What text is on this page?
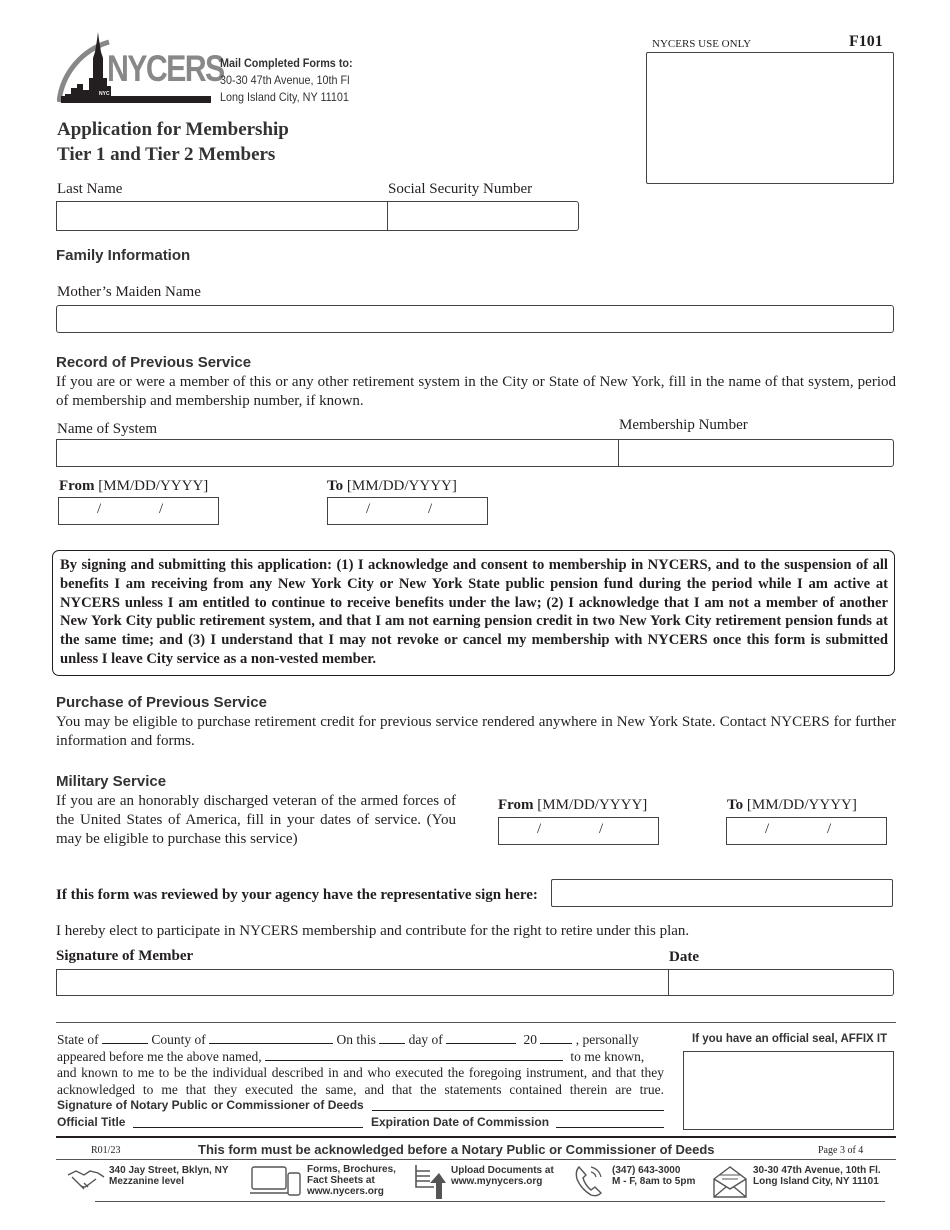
NYCERS
NYC Employees' Retirement System
Mail Completed Forms to:
30-30 47th Avenue, 10th Fl
Long Island City, NY 11101
NYCERS USE ONLY	F101
Application for Membership
Tier 1 and Tier 2 Members
Last Name	Social Security Number
Family Information
Mother’s Maiden Name
Record of Previous Service
If you are or were a member of this or any other retirement system in the City or State of New York, fill in the name of that system, period of membership and membership number, if known.
Name of System	Membership Number
From [MM/DD/YYYY]	To [MM/DD/YYYY]
/	/	/	/
By signing and submitting this application: (1) I acknowledge and consent to membership in NYCERS, and to the suspension of all benefits I am receiving from any New York City or New York State public pension fund during the period while I am active at NYCERS unless I am entitled to continue to receive benefits under the law; (2) I acknowledge that I am not a member of another New York City public retirement system, and that I am not earning pension credit in two New York City retirement pension funds at the same time; and (3) I understand that I may not revoke or cancel my membership with NYCERS once this form is submitted unless I leave City service as a non-vested member.
Purchase of Previous Service
You may be eligible to purchase retirement credit for previous service rendered anywhere in New York State. Contact NYCERS for further information and forms.
Military Service
If you are an honorably discharged veteran of the armed forces of the United States of America, fill in your dates of service. (You may be eligible to purchase this service)
From [MM/DD/YYYY]	To [MM/DD/YYYY]
/	/	/	/
If this form was reviewed by your agency have the representative sign here:
I hereby elect to participate in NYCERS membership and contribute for the right to retire under this plan.
Signature of Member	Date
State of	County of	On this day of	20	, personally
appeared before me the above named,	to me known,
and known to me to be the individual described in and who executed the foregoing instrument, and that they
acknowledged to me that they executed the same, and that the statements contained therein are true.
Signature of Notary Public or Commissioner of Deeds
Official Title	Expiration Date of Commission
If you have an official seal, AFFIX IT
R01/23	This form must be acknowledged before a Notary Public or Commissioner of Deeds	Page 3 of 4
340 Jay Street, Bklyn, NY
Mezzanine level
Forms, Brochures,
Fact Sheets at
www.nycers.org
Upload Documents at
www.mynycers.org
(347) 643-3000
M - F, 8am to 5pm
30-30 47th Avenue, 10th Fl.
Long Island City, NY 11101
